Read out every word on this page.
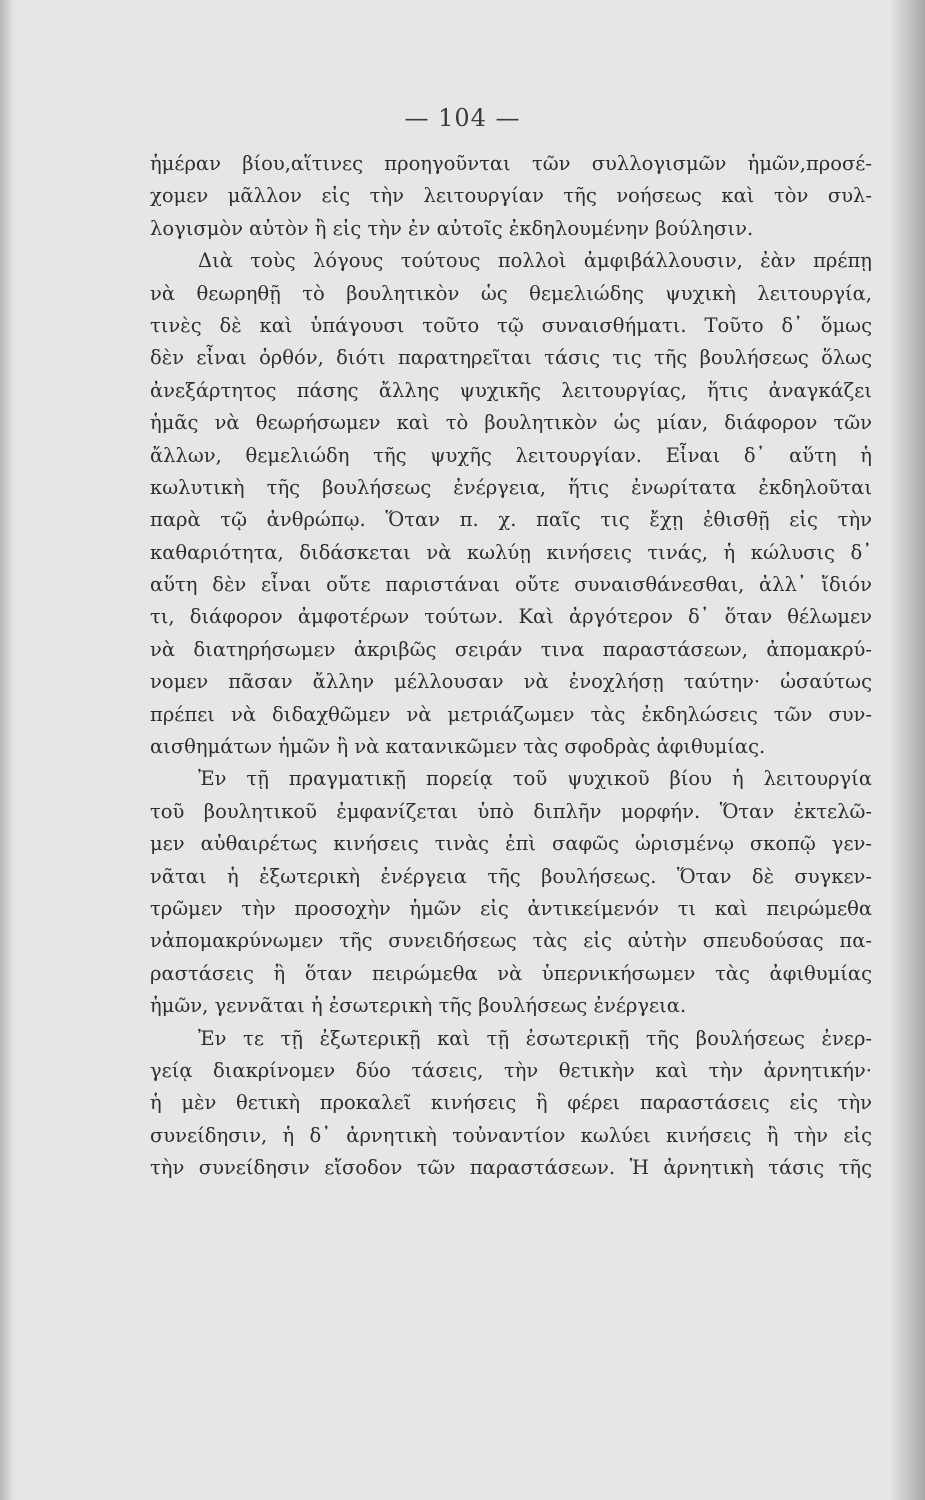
— 104 —
ἡμέραν βίου,αἵτινες προηγοῦνται τῶν συλλογισμῶν ἡμῶν,προσέ-
χομεν μᾶλλον εἰς τὴν λειτουργίαν τῆς νοήσεως καὶ τὸν συλ-
λογισμὸν αὐτὸν ἢ εἰς τὴν ἐν αὐτοῖς ἐκδηλουμένην βούλησιν.
Διὰ τοὺς λόγους τούτους πολλοὶ ἀμφιβάλλουσιν, ἐὰν πρέπῃ
νὰ θεωρηθῇ τὸ βουλητικὸν ὡς θεμελιώδης ψυχικὴ λειτουργία,
τινὲς δὲ καὶ ὑπάγουσι τοῦτο τῷ συναισθήματι. Τοῦτο δ᾽ ὅμως
δὲν εἶναι ὀρθόν, διότι παρατηρεῖται τάσις τις τῆς βουλήσεως ὅλως
ἀνεξάρτητος πάσης ἄλλης ψυχικῆς λειτουργίας, ἥτις ἀναγκάζει
ἡμᾶς νὰ θεωρήσωμεν καὶ τὸ βουλητικὸν ὡς μίαν, διάφορον τῶν
ἄλλων, θεμελιώδη τῆς ψυχῆς λειτουργίαν. Εἶναι δ᾽ αὕτη ἡ
κωλυτικὴ τῆς βουλήσεως ἐνέργεια, ἥτις ἐνωρίτατα ἐκδηλοῦται
παρὰ τῷ ἀνθρώπῳ. Ὅταν π. χ. παῖς τις ἔχῃ ἐθισθῇ εἰς τὴν
καθαριότητα, διδάσκεται νὰ κωλύῃ κινήσεις τινάς, ἡ κώλυσις δ᾽
αὕτη δὲν εἶναι οὔτε παριστάναι οὔτε συναισθάνεσθαι, ἀλλ᾽ ἴδιόν
τι, διάφορον ἀμφοτέρων τούτων. Καὶ ἀργότερον δ᾽ ὅταν θέλωμεν
νὰ διατηρήσωμεν ἀκριβῶς σειράν τινα παραστάσεων, ἀπομακρύ-
νομεν πᾶσαν ἄλλην μέλλουσαν νὰ ἐνοχλήσῃ ταύτην· ὡσαύτως
πρέπει νὰ διδαχθῶμεν νὰ μετριάζωμεν τὰς ἐκδηλώσεις τῶν συν-
αισθημάτων ἡμῶν ἢ νὰ κατανικῶμεν τὰς σφοδρὰς ἀφιθυμίας.
Ἐν τῇ πραγματικῇ πορείᾳ τοῦ ψυχικοῦ βίου ἡ λειτουργία
τοῦ βουλητικοῦ ἐμφανίζεται ὑπὸ διπλῆν μορφήν. Ὅταν ἐκτελῶ-
μεν αὐθαιρέτως κινήσεις τινὰς ἐπὶ σαφῶς ὡρισμένῳ σκοπῷ γεν-
νᾶται ἡ ἐξωτερικὴ ἐνέργεια τῆς βουλήσεως. Ὅταν δὲ συγκεν-
τρῶμεν τὴν προσοχὴν ἡμῶν εἰς ἀντικείμενόν τι καὶ πειρώμεθα
νἀπομακρύνωμεν τῆς συνειδήσεως τὰς εἰς αὐτὴν σπευδούσας πα-
ραστάσεις ἢ ὅταν πειρώμεθα νὰ ὑπερνικήσωμεν τὰς ἀφιθυμίας
ἡμῶν, γεννᾶται ἡ ἐσωτερικὴ τῆς βουλήσεως ἐνέργεια.
Ἐν τε τῇ ἐξωτερικῇ καὶ τῇ ἐσωτερικῇ τῆς βουλήσεως ἐνερ-
γείᾳ διακρίνομεν δύο τάσεις, τὴν θετικὴν καὶ τὴν ἀρνητικήν·
ἡ μὲν θετικὴ προκαλεῖ κινήσεις ἢ φέρει παραστάσεις εἰς τὴν
συνείδησιν, ἡ δ᾽ ἀρνητικὴ τοὐναντίον κωλύει κινήσεις ἢ τὴν εἰς
τὴν συνείδησιν εἴσοδον τῶν παραστάσεων. Ἡ ἀρνητικὴ τάσις τῆς
